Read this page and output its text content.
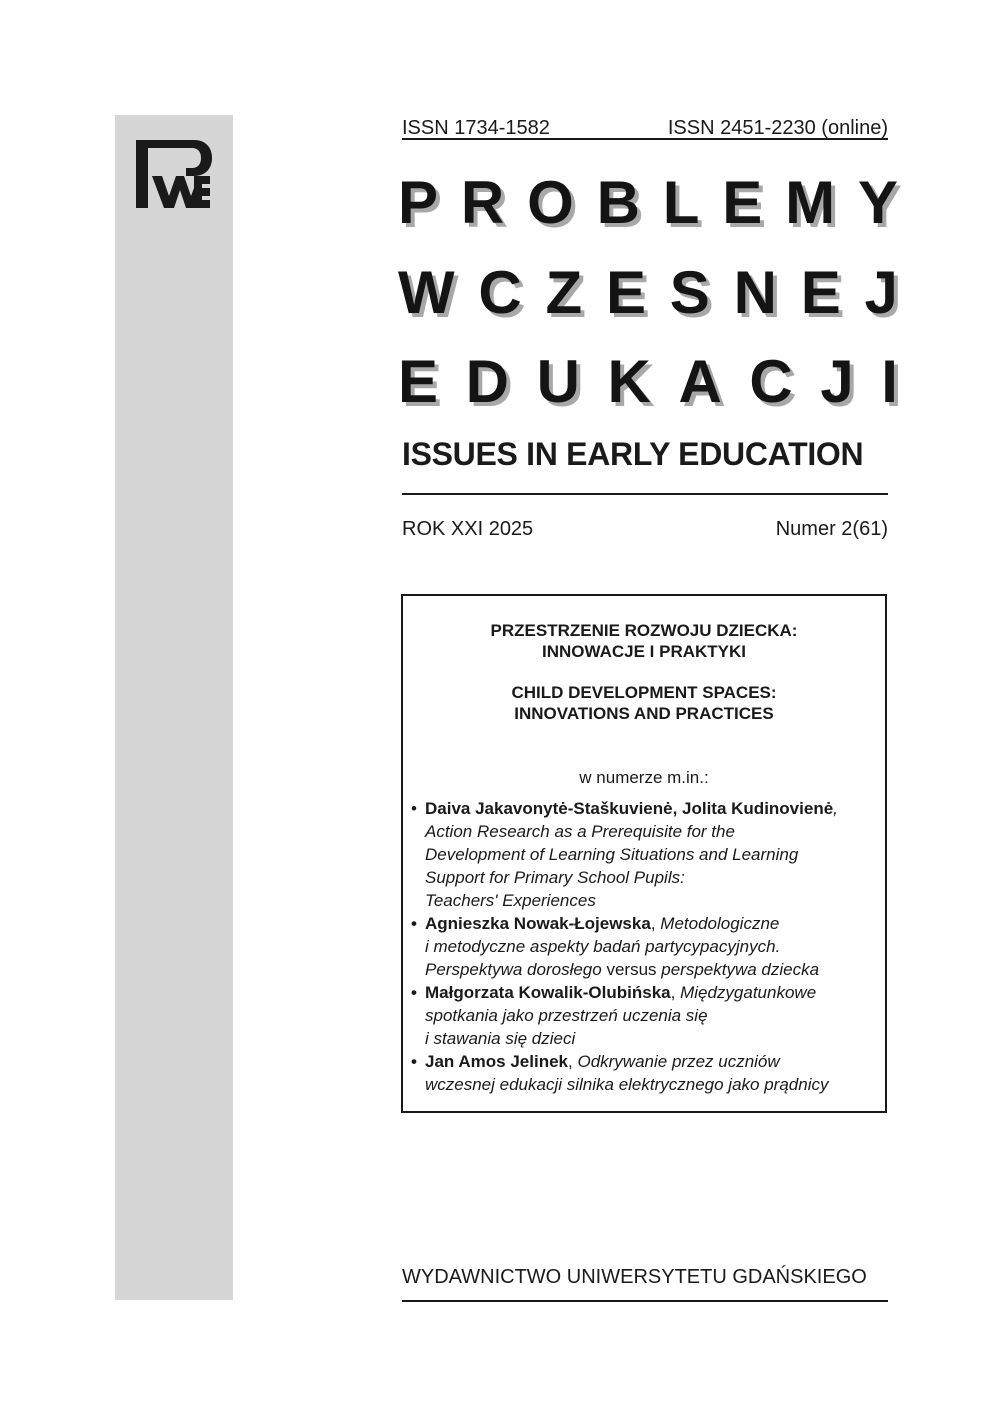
ISSN 1734-1582	ISSN 2451-2230 (online)
P R O B L E M Y
W C Z E S N E J
E D U K A C J I
ISSUES IN EARLY EDUCATION
ROK XXI 2025	Numer 2(61)
PRZESTRZENIE ROZWOJU DZIECKA:
INNOWACJE I PRAKTYKI
CHILD DEVELOPMENT SPACES:
INNOVATIONS AND PRACTICES
w numerze m.in.:
• Daiva Jakavonytė-Staškuvienė, Jolita Kudinovienė,
Action Research as a Prerequisite for the
Development of Learning Situations and Learning
Support for Primary School Pupils:
Teachers' Experiences
• Agnieszka Nowak-Łojewska, Metodologiczne
i metodyczne aspekty badań partycypacyjnych.
Perspektywa dorosłego versus perspektywa dziecka
• Małgorzata Kowalik-Olubińska, Międzygatunkowe
spotkania jako przestrzeń uczenia się
i stawania się dzieci
• Jan Amos Jelinek, Odkrywanie przez uczniów
wczesnej edukacji silnika elektrycznego jako prądnicy
WYDAWNICTWO UNIWERSYTETU GDAŃSKIEGO
